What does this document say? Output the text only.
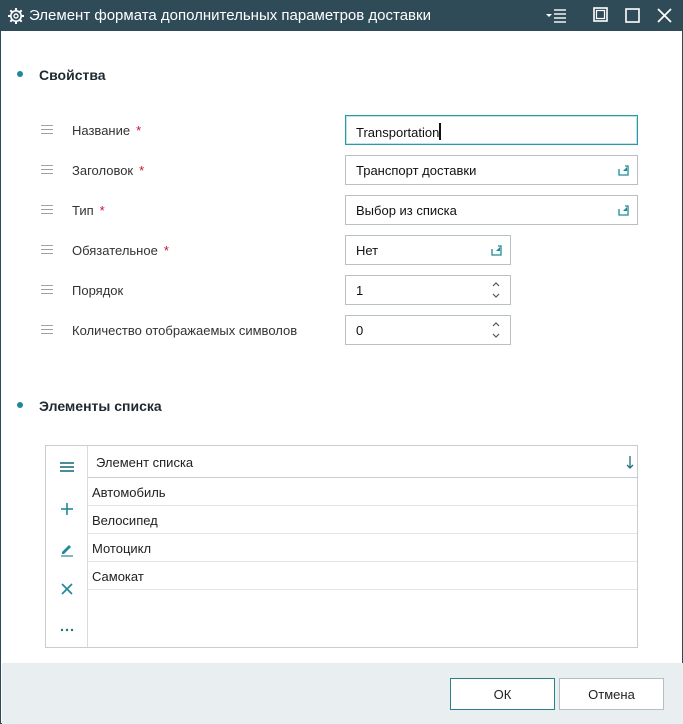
Элемент формата дополнительных параметров доставки
Свойства
Название *	Transportation
Заголовок *	Транспорт доставки
Тип *	Выбор из списка
Обязательное *	Нет
Порядок	1
Количество отображаемых символов	0
Элементы списка
Элемент списка
Автомобиль
Велосипед
Мотоцикл
Самокат
ОК	Отмена
